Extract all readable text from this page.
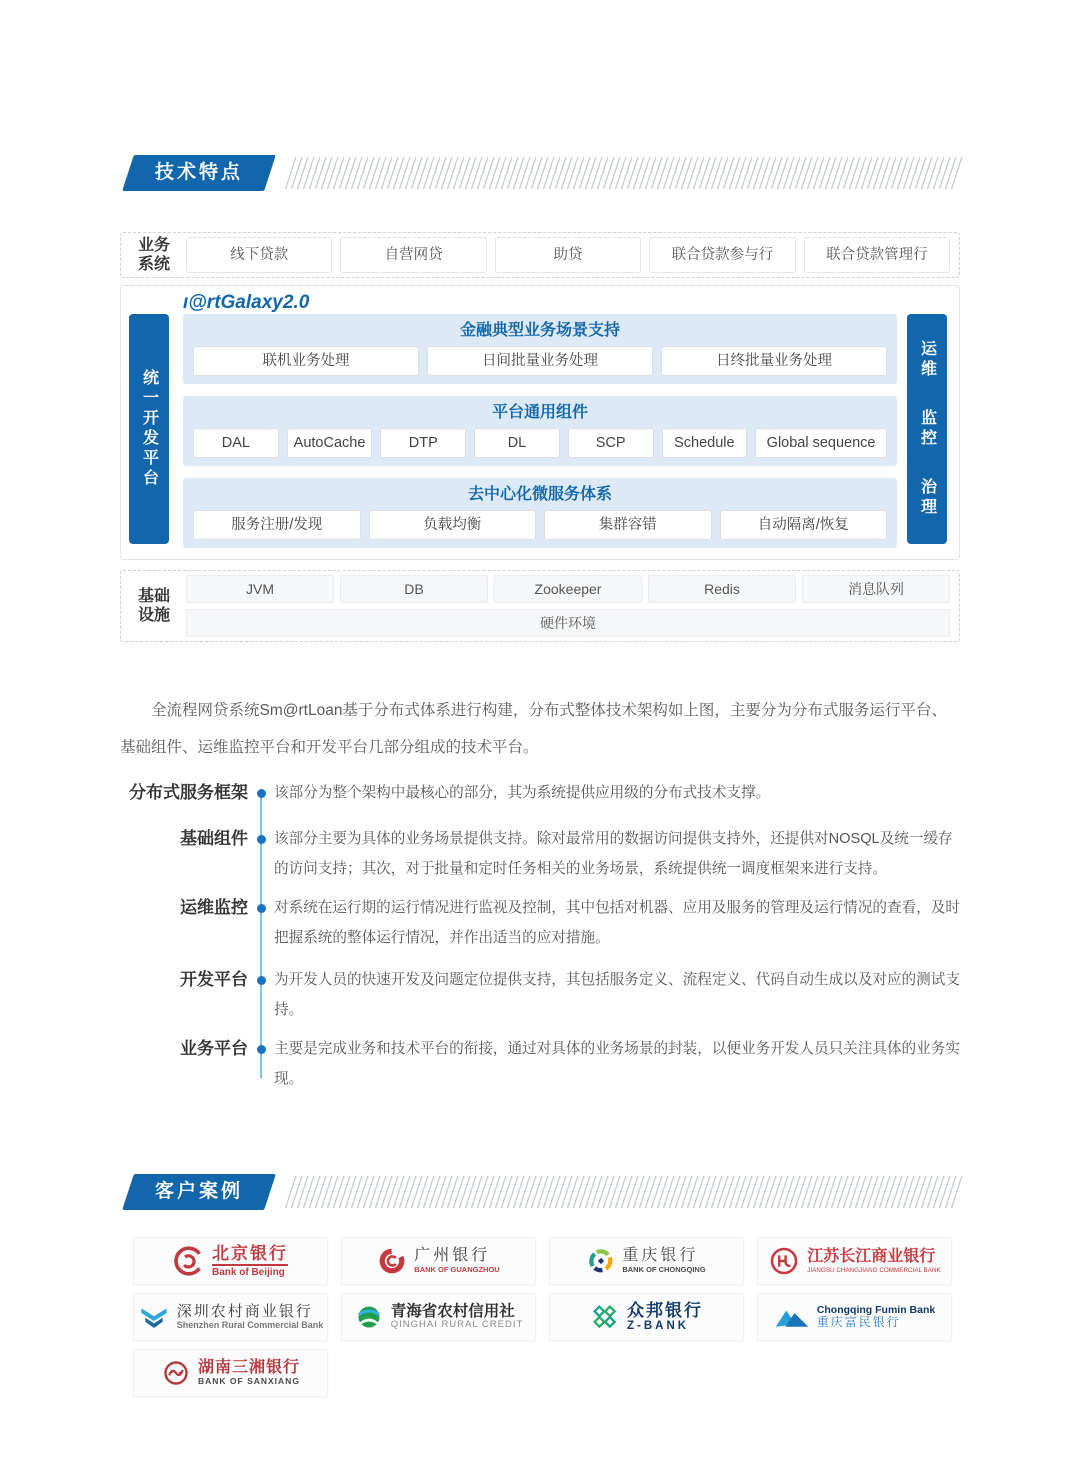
技术特点
业务
系统
线下贷款	自营网贷	助贷	联合贷款参与行	联合贷款管理行
ı@rtGalaxy2.0
统一开发平台
运维
监控
治理
金融典型业务场景支持
联机业务处理	日间批量业务处理	日终批量业务处理
平台通用组件
DAL	AutoCache	DTP	DL	SCP	Schedule	Global sequence
去中心化微服务体系
服务注册/发现	负载均衡	集群容错	自动隔离/恢复
基础
设施
JVM	DB	Zookeeper	Redis	消息队列
硬件环境

全流程网贷系统Sm@rtLoan基于分布式体系进行构建，分布式整体技术架构如上图，主要分为分布式服务运行平台、基础组件、运维监控平台和开发平台几部分组成的技术平台。

分布式服务框架 该部分为整个架构中最核心的部分，其为系统提供应用级的分布式技术支撑。
基础组件 该部分主要为具体的业务场景提供支持。除对最常用的数据访问提供支持外，还提供对NOSQL及统一缓存的访问支持；其次，对于批量和定时任务相关的业务场景，系统提供统一调度框架来进行支持。
运维监控 对系统在运行期的运行情况进行监视及控制，其中包括对机器、应用及服务的管理及运行情况的查看，及时把握系统的整体运行情况，并作出适当的应对措施。
开发平台 为开发人员的快速开发及问题定位提供支持，其包括服务定义、流程定义、代码自动生成以及对应的测试支持。
业务平台 主要是完成业务和技术平台的衔接，通过对具体的业务场景的封装，以便业务开发人员只关注具体的业务实现。
客户案例
北京银行
Bank of Beijing
广州银行
BANK OF GUANGZHOU
重庆银行
BANK OF CHONGQING
江苏长江商业银行
JIANGSU CHANGJIANG COMMERCIAL BANK
深圳农村商业银行
Shenzhen Rural Commercial Bank
青海省农村信用社
QINGHAI RURAL CREDIT
众邦银行
Z-BANK
Chongqing Fumin Bank
重庆富民银行
湖南三湘银行
BANK OF SANXIANG
